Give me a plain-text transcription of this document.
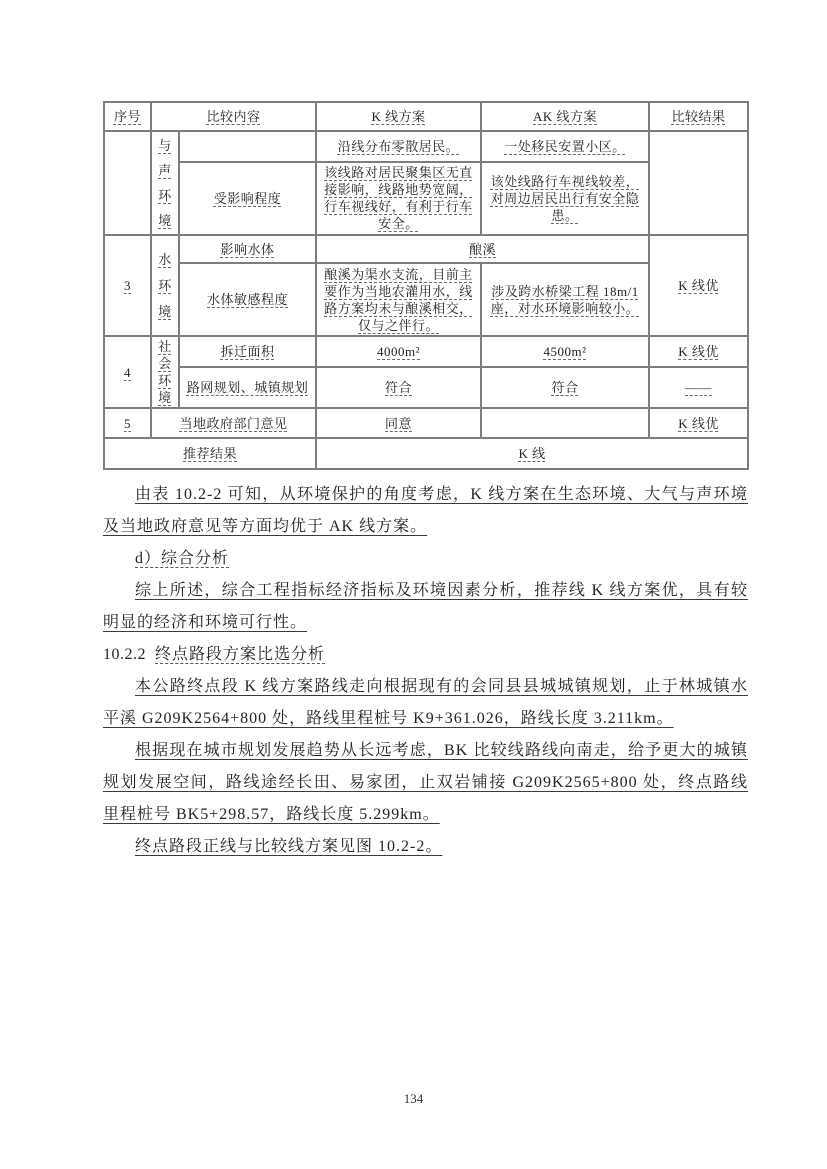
序号	比较内容		K 线方案	AK 线方案	比较结果
	与声环境		沿线分布零散居民。	一处移民安置小区。	
		受影响程度	该线路对居民聚集区无直接影响，线路地势宽阔，行车视线好，有利于行车安全。	该处线路行车视线较差，对周边居民出行有安全隐患。	
3	水环境	影响水体	酿溪		K 线优
		水体敏感程度	酿溪为渠水支流，目前主要作为当地农灌用水，线路方案均未与酿溪相交，仅与之伴行。	涉及跨水桥梁工程 18m/1 座，对水环境影响较小。	
4	社会环境	拆迁面积	4000m²	4500m²	K 线优
		路网规划、城镇规划	符合	符合	——
5	当地政府部门意见		同意		K 线优
推荐结果			K 线		

由表 10.2-2 可知，从环境保护的角度考虑，K 线方案在生态环境、大气与声环境及当地政府意见等方面均优于 AK 线方案。

d）综合分析

综上所述，综合工程指标经济指标及环境因素分析，推荐线 K 线方案优，具有较明显的经济和环境可行性。

10.2.2 终点路段方案比选分析

本公路终点段 K 线方案路线走向根据现有的会同县县城城镇规划，止于林城镇水平溪 G209K2564+800 处，路线里程桩号 K9+361.026，路线长度 3.211km。

根据现在城市规划发展趋势从长远考虑，BK 比较线路线向南走，给予更大的城镇规划发展空间，路线途经长田、易家团，止双岩铺接 G209K2565+800 处，终点路线里程桩号 BK5+298.57，路线长度 5.299km。

终点路段正线与比较线方案见图 10.2-2。

134
